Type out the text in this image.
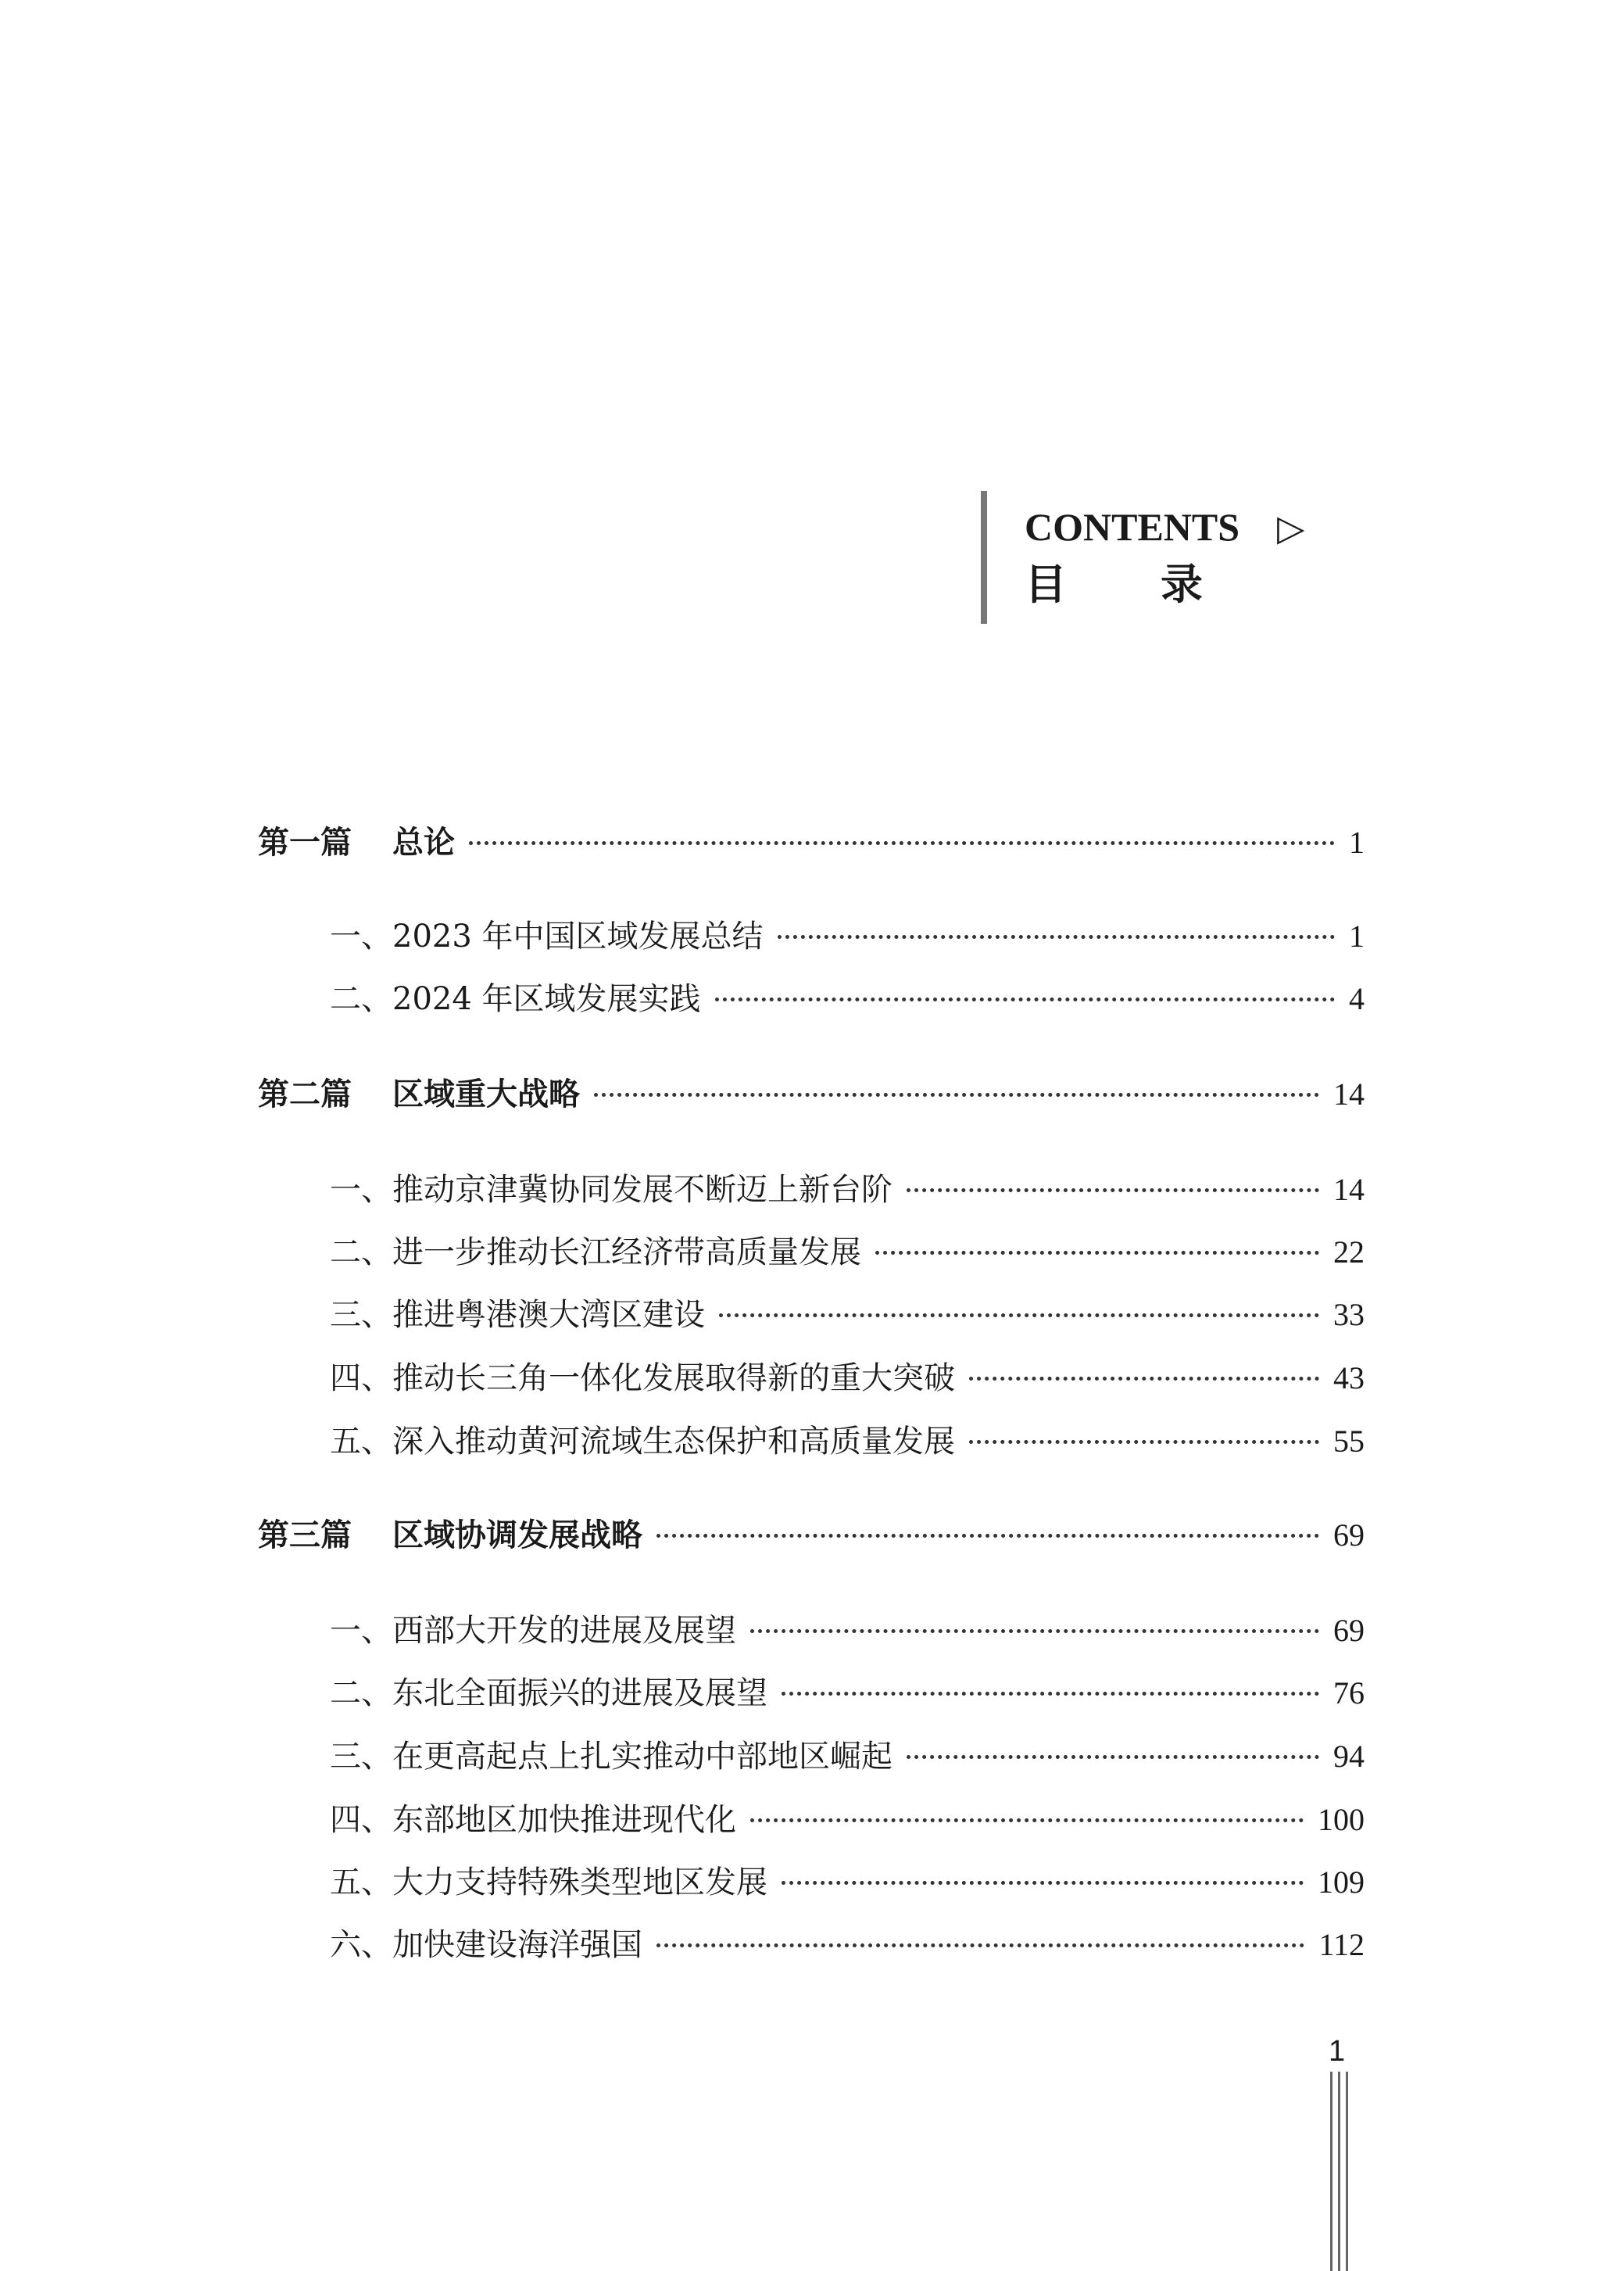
CONTENTS ▷
目录
第一篇 总论	1
一、2023 年中国区域发展总结	1
二、2024 年区域发展实践	4
第二篇 区域重大战略	14
一、推动京津冀协同发展不断迈上新台阶	14
二、进一步推动长江经济带高质量发展	22
三、推进粤港澳大湾区建设	33
四、推动长三角一体化发展取得新的重大突破	43
五、深入推动黄河流域生态保护和高质量发展	55
第三篇 区域协调发展战略	69
一、西部大开发的进展及展望	69
二、东北全面振兴的进展及展望	76
三、在更高起点上扎实推动中部地区崛起	94
四、东部地区加快推进现代化	100
五、大力支持特殊类型地区发展	109
六、加快建设海洋强国	112
1
